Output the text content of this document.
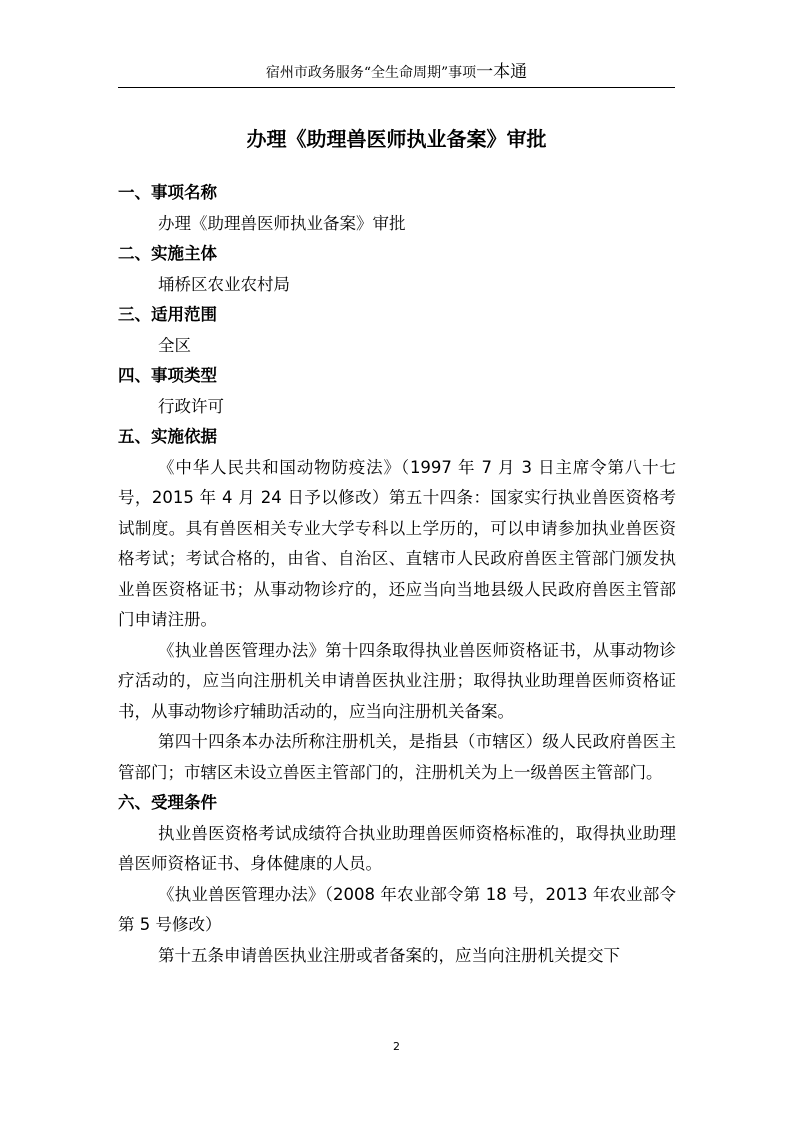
宿州市政务服务“全生命周期”事项一本通
办理《助理兽医师执业备案》审批

一、事项名称

办理《助理兽医师执业备案》审批

二、实施主体

埇桥区农业农村局

三、适用范围

全区

四、事项类型

行政许可

五、实施依据

《中华人民共和国动物防疫法》（1997 年 7 月 3 日主席令第八十七号，2015 年 4 月 24 日予以修改）第五十四条：国家实行执业兽医资格考试制度。具有兽医相关专业大学专科以上学历的，可以申请参加执业兽医资格考试；考试合格的，由省、自治区、直辖市人民政府兽医主管部门颁发执业兽医资格证书；从事动物诊疗的，还应当向当地县级人民政府兽医主管部门申请注册。

《执业兽医管理办法》第十四条取得执业兽医师资格证书，从事动物诊疗活动的，应当向注册机关申请兽医执业注册；取得执业助理兽医师资格证书，从事动物诊疗辅助活动的，应当向注册机关备案。

第四十四条本办法所称注册机关，是指县（市辖区）级人民政府兽医主管部门；市辖区未设立兽医主管部门的，注册机关为上一级兽医主管部门。

六、受理条件

执业兽医资格考试成绩符合执业助理兽医师资格标准的，取得执业助理兽医师资格证书、身体健康的人员。

《执业兽医管理办法》（2008 年农业部令第 18 号，2013 年农业部令第 5 号修改）

第十五条申请兽医执业注册或者备案的，应当向注册机关提交下

2
